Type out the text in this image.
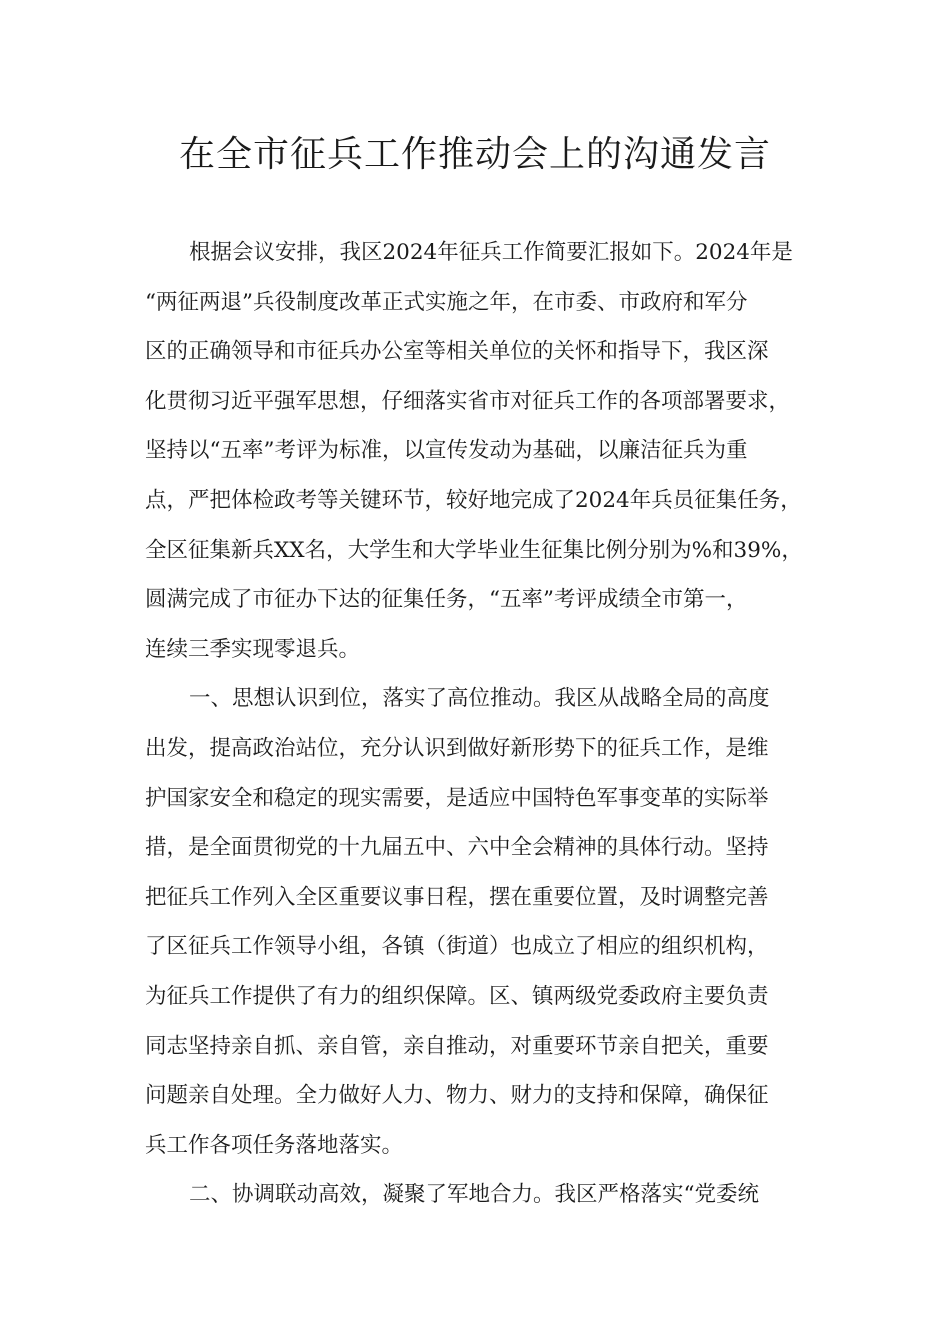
在全市征兵工作推动会上的沟通发言
根据会议安排，我区2024年征兵工作简要汇报如下。2024年是
“两征两退”兵役制度改革正式实施之年，在市委、市政府和军分
区的正确领导和市征兵办公室等相关单位的关怀和指导下，我区深
化贯彻习近平强军思想，仔细落实省市对征兵工作的各项部署要求，
坚持以“五率”考评为标准，以宣传发动为基础，以廉洁征兵为重
点，严把体检政考等关键环节，较好地完成了2024年兵员征集任务，
全区征集新兵XX名，大学生和大学毕业生征集比例分别为%和39%，
圆满完成了市征办下达的征集任务，“五率”考评成绩全市第一，
连续三季实现零退兵。
一、思想认识到位，落实了高位推动。我区从战略全局的高度
出发，提高政治站位，充分认识到做好新形势下的征兵工作，是维
护国家安全和稳定的现实需要，是适应中国特色军事变革的实际举
措，是全面贯彻党的十九届五中、六中全会精神的具体行动。坚持
把征兵工作列入全区重要议事日程，摆在重要位置，及时调整完善
了区征兵工作领导小组，各镇（街道）也成立了相应的组织机构，
为征兵工作提供了有力的组织保障。区、镇两级党委政府主要负责
同志坚持亲自抓、亲自管，亲自推动，对重要环节亲自把关，重要
问题亲自处理。全力做好人力、物力、财力的支持和保障，确保征
兵工作各项任务落地落实。
二、协调联动高效，凝聚了军地合力。我区严格落实“党委统
